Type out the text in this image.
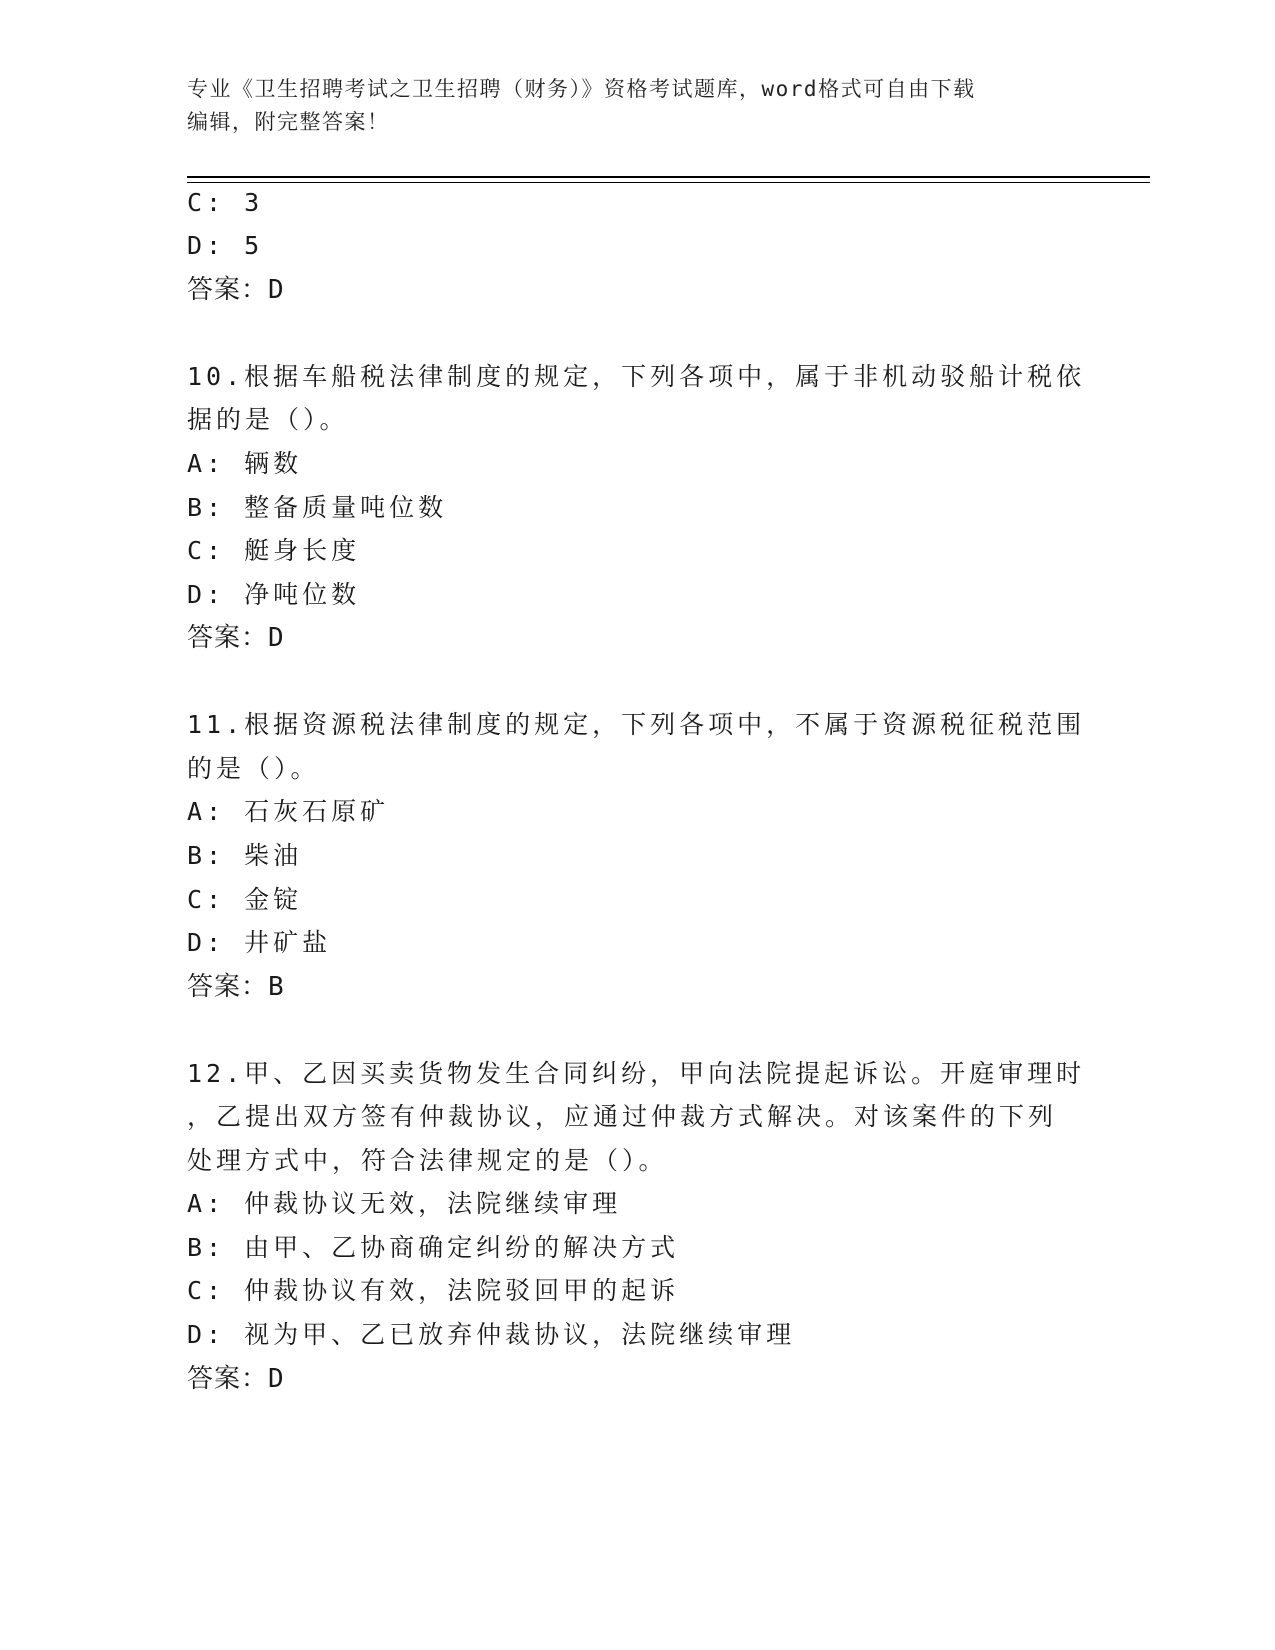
专业《卫生招聘考试之卫生招聘（财务）》资格考试题库，word格式可自由下载
编辑，附完整答案！
C: 3
D: 5
答案：D
10.根据车船税法律制度的规定，下列各项中，属于非机动驳船计税依
据的是（）。
A: 辆数
B: 整备质量吨位数
C: 艇身长度
D: 净吨位数
答案：D
11.根据资源税法律制度的规定，下列各项中，不属于资源税征税范围
的是（）。
A: 石灰石原矿
B: 柴油
C: 金锭
D: 井矿盐
答案：B
12.甲、乙因买卖货物发生合同纠纷，甲向法院提起诉讼。开庭审理时
，乙提出双方签有仲裁协议，应通过仲裁方式解决。对该案件的下列
处理方式中，符合法律规定的是（）。
A: 仲裁协议无效，法院继续审理
B: 由甲、乙协商确定纠纷的解决方式
C: 仲裁协议有效，法院驳回甲的起诉
D: 视为甲、乙已放弃仲裁协议，法院继续审理
答案：D
